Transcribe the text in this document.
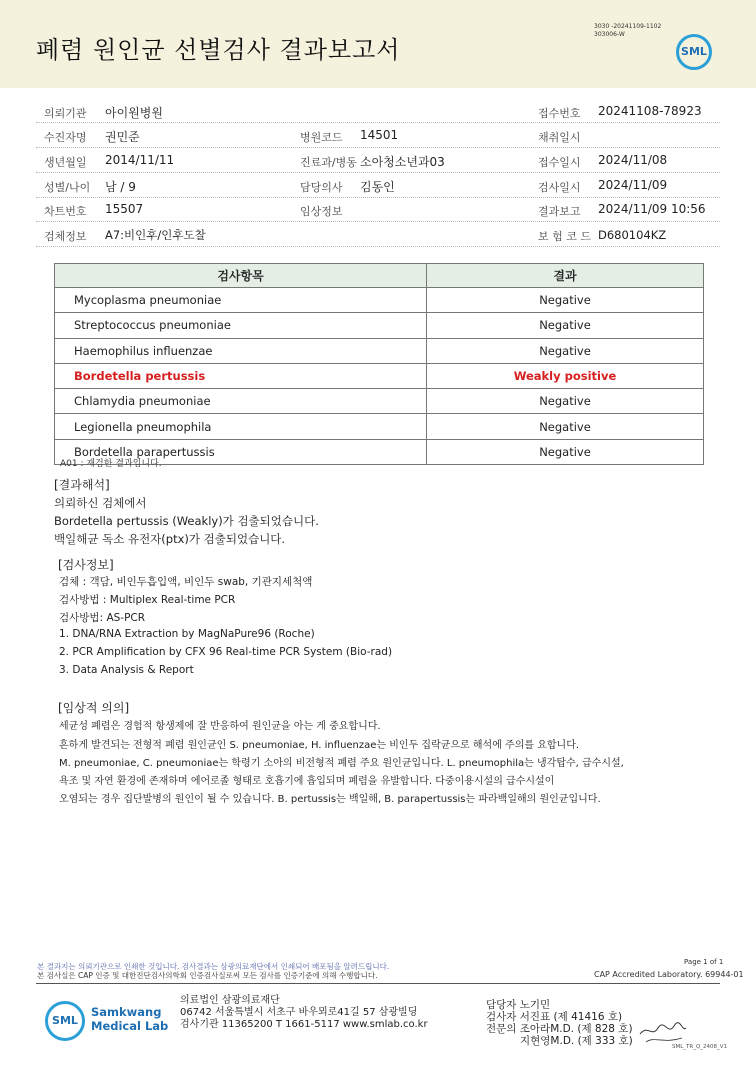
폐렴 원인균 선별검사 결과보고서
3030 -20241109-1102
303006-W
SML
의뢰기관 아이원병원	접수번호 20241108-78923
수진자명 권민준	병원코드 14501	채취일시
생년월일 2014/11/11	진료과/병동 소아청소년과03	접수일시 2024/11/08
성별/나이 남 / 9	담당의사 김동인	검사일시 2024/11/09
차트번호 15507	임상정보	결과보고 2024/11/09 10:56
검체정보 A7:비인후/인후도찰	보 험 코 드 D680104KZ
검사항목	결과
Mycoplasma pneumoniae	Negative
Streptococcus pneumoniae	Negative
Haemophilus influenzae	Negative
Bordetella pertussis	Weakly positive
Chlamydia pneumoniae	Negative
Legionella pneumophila	Negative
Bordetella parapertussis	Negative
A01 : 재검한 결과입니다.
[결과해석]
의뢰하신 검체에서
Bordetella pertussis (Weakly)가 검출되었습니다.
백일해균 독소 유전자(ptx)가 검출되었습니다.
[검사정보]
검체 : 객담, 비인두흡입액, 비인두 swab, 기관지세척액
검사방법 : Multiplex Real-time PCR
검사방법: AS-PCR
1. DNA/RNA Extraction by MagNaPure96 (Roche)
2. PCR Amplification by CFX 96 Real-time PCR System (Bio-rad)
3. Data Analysis & Report
[임상적 의의]
세균성 폐렴은 경험적 항생제에 잘 반응하여 원인균을 아는 게 중요합니다.
흔하게 발견되는 전형적 폐렴 원인균인 S. pneumoniae, H. influenzae는 비인두 집락균으로 해석에 주의를 요합니다.
M. pneumoniae, C. pneumoniae는 학령기 소아의 비전형적 폐렴 주요 원인균입니다. L. pneumophila는 냉각탑수, 급수시설,
욕조 및 자연 환경에 존재하며 에어로졸 형태로 호흡기에 흡입되며 폐렴을 유발합니다. 다중이용시설의 급수시설이
오염되는 경우 집단발병의 원인이 될 수 있습니다. B. pertussis는 백일해, B. parapertussis는 파라백일해의 원인균입니다.
본 결과지는 의뢰기관으로 인쇄한 것입니다. 검사결과는 삼광의료재단에서 인쇄되어 배포됨을 알려드립니다.
본 검사실은 CAP 인증 및 대한진단검사의학회 인증검사실로써 모든 검사를 인증기준에 의해 수행합니다.
Page 1 of 1
CAP Accredited Laboratory. 69944-01
SML
Samkwang
Medical Lab
의료법인 삼광의료재단
06742 서울특별시 서초구 바우뫼로41길 57 삼광빌딩
검사기관 11365200 T 1661-5117 www.smlab.co.kr
담당자 노기민
검사자 서진표 (제 41416 호)
전문의 조아라M.D. (제 828 호)
지현영M.D. (제 333 호)	SML_TR_Q_2408_V1
